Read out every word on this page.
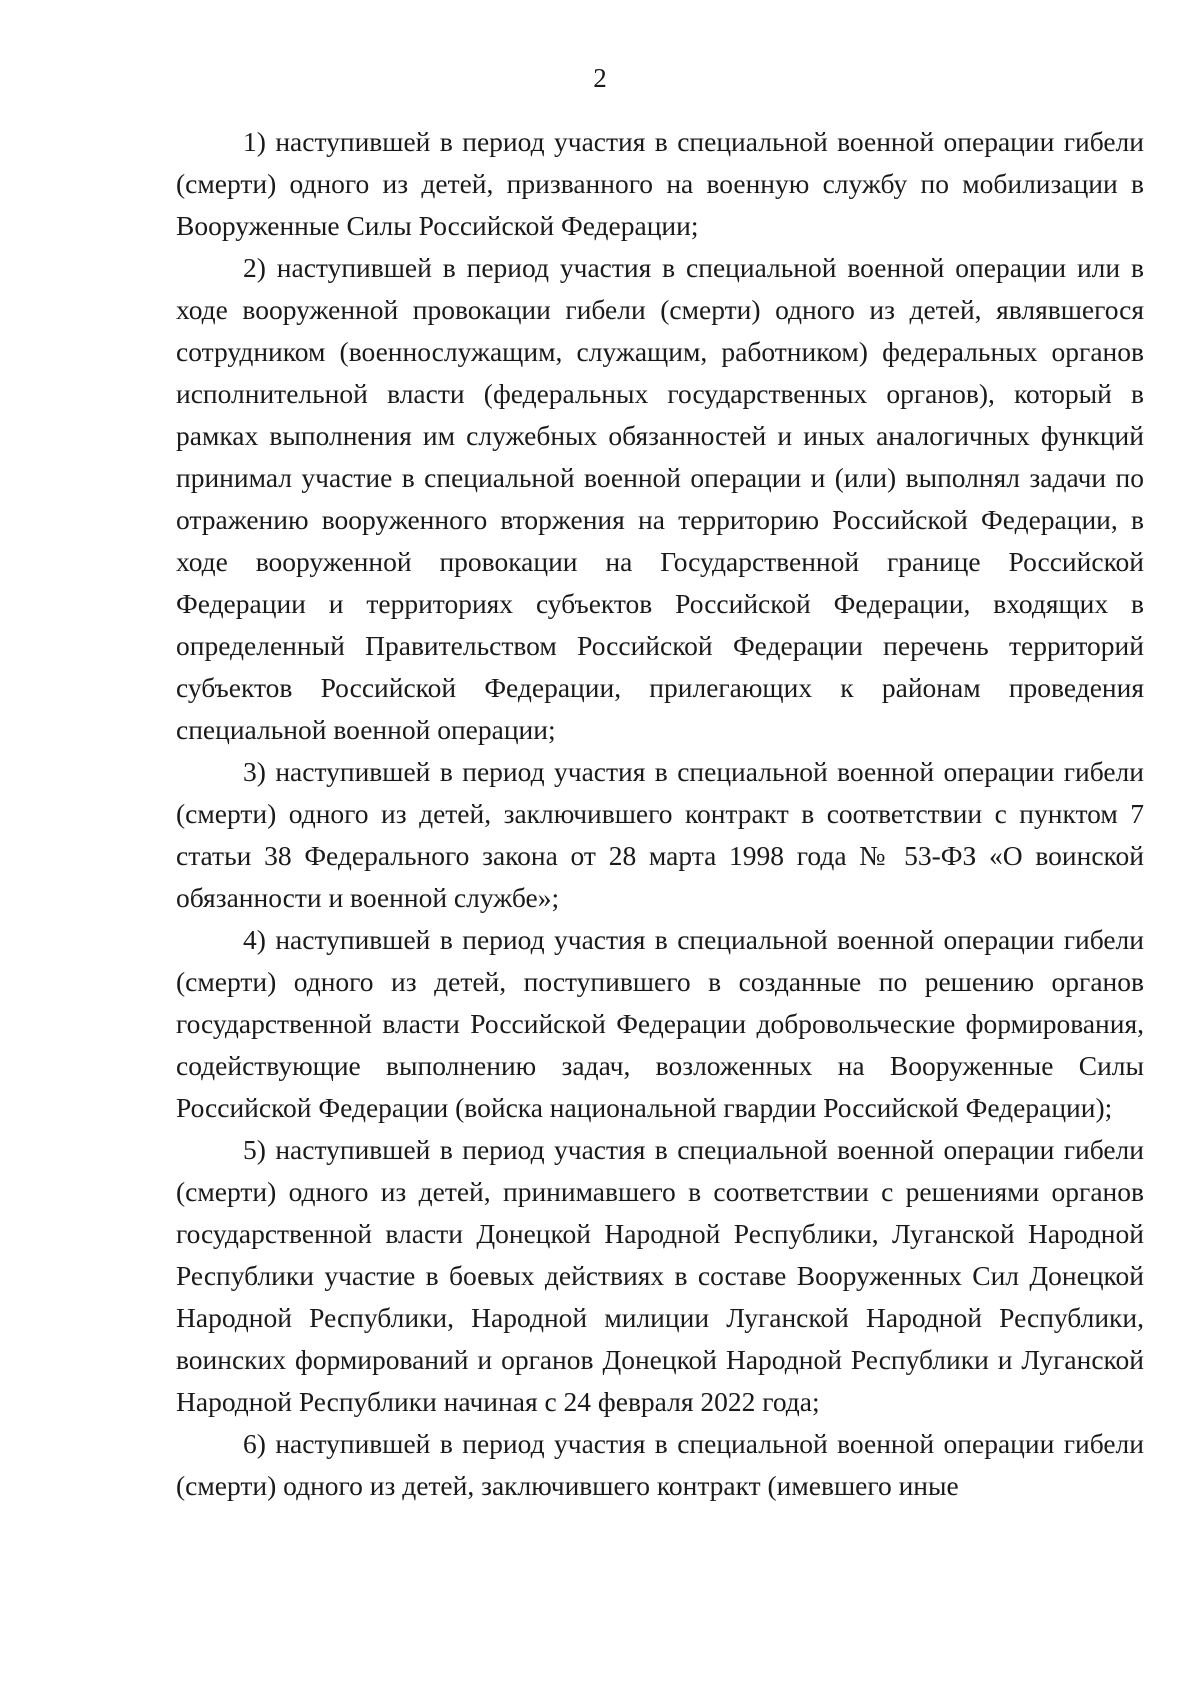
2

1) наступившей в период участия в специальной военной операции гибели (смерти) одного из детей, призванного на военную службу по мобилизации в Вооруженные Силы Российской Федерации;

2) наступившей в период участия в специальной военной операции или в ходе вооруженной провокации гибели (смерти) одного из детей, являвшегося сотрудником (военнослужащим, служащим, работником) федеральных органов исполнительной власти (федеральных государственных органов), который в рамках выполнения им служебных обязанностей и иных аналогичных функций принимал участие в специальной военной операции и (или) выполнял задачи по отражению вооруженного вторжения на территорию Российской Федерации, в ходе вооруженной провокации на Государственной границе Российской Федерации и территориях субъектов Российской Федерации, входящих в определенный Правительством Российской Федерации перечень территорий субъектов Российской Федерации, прилегающих к районам проведения специальной военной операции;

3) наступившей в период участия в специальной военной операции гибели (смерти) одного из детей, заключившего контракт в соответствии с пунктом 7 статьи 38 Федерального закона от 28 марта 1998 года № 53-ФЗ «О воинской обязанности и военной службе»;

4) наступившей в период участия в специальной военной операции гибели (смерти) одного из детей, поступившего в созданные по решению органов государственной власти Российской Федерации добровольческие формирования, содействующие выполнению задач, возложенных на Вооруженные Силы Российской Федерации (войска национальной гвардии Российской Федерации);

5) наступившей в период участия в специальной военной операции гибели (смерти) одного из детей, принимавшего в соответствии с решениями органов государственной власти Донецкой Народной Республики, Луганской Народной Республики участие в боевых действиях в составе Вооруженных Сил Донецкой Народной Республики, Народной милиции Луганской Народной Республики, воинских формирований и органов Донецкой Народной Республики и Луганской Народной Республики начиная с 24 февраля 2022 года;

6) наступившей в период участия в специальной военной операции гибели (смерти) одного из детей, заключившего контракт (имевшего иные
